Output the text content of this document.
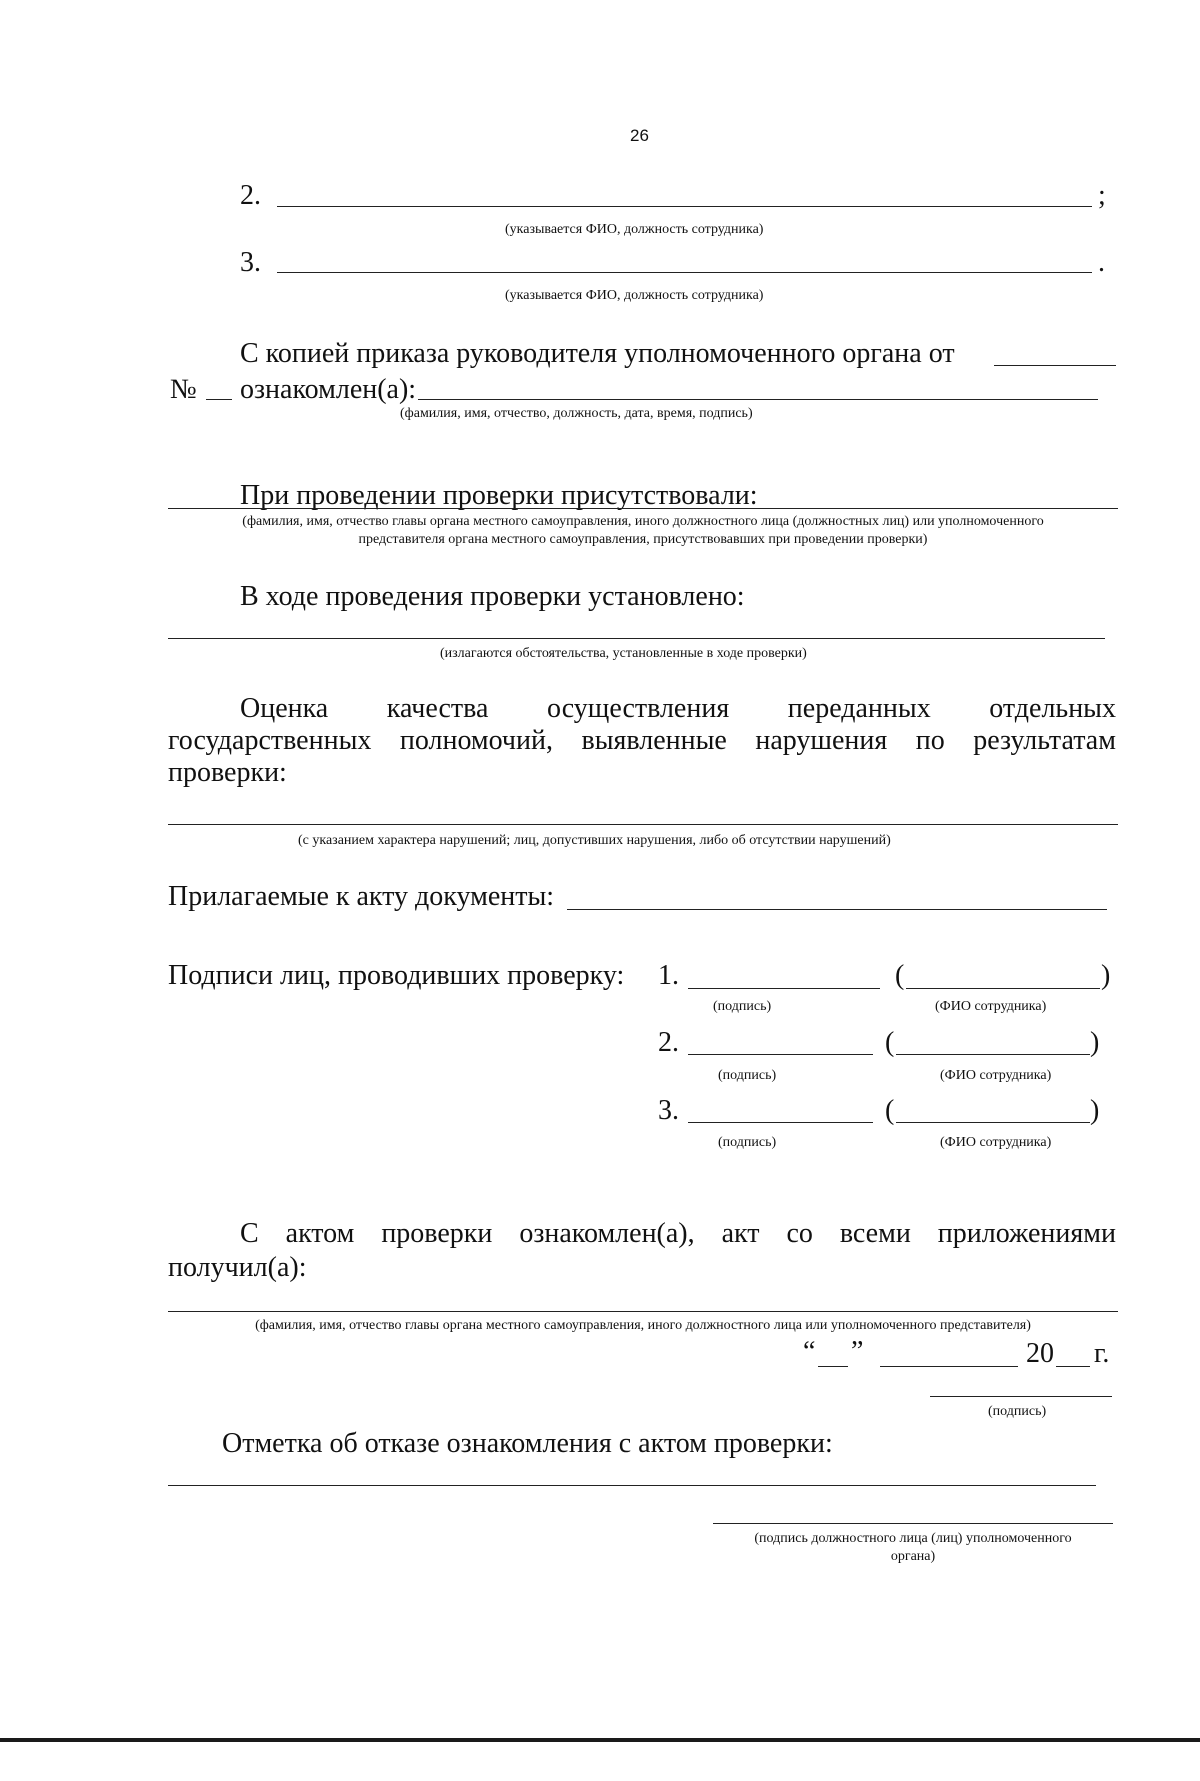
26
2.	;
(указывается ФИО, должность сотрудника)
3.	.
(указывается ФИО, должность сотрудника)
С копией приказа руководителя уполномоченного органа от
№ ознакомлен(а):
(фамилия, имя, отчество, должность, дата, время, подпись)
При проведении проверки присутствовали:
(фамилия, имя, отчество главы органа местного самоуправления, иного должностного лица (должностных лиц) или уполномоченного
представителя органа местного самоуправления, присутствовавших при проведении проверки)
В ходе проведения проверки установлено:
(излагаются обстоятельства, установленные в ходе проверки)
Оценка качества осуществления переданных отдельных
государственных полномочий, выявленные нарушения по результатам
проверки:
(с указанием характера нарушений; лиц, допустивших нарушения, либо об отсутствии нарушений)
Прилагаемые к акту документы:
Подписи лиц, проводивших проверку: 1.	(	)
(подпись)	(ФИО сотрудника)
2.	(	)
(подпись)	(ФИО сотрудника)
3.	(	)
(подпись)	(ФИО сотрудника)
С актом проверки ознакомлен(а), акт со всеми приложениями
получил(а):
(фамилия, имя, отчество главы органа местного самоуправления, иного должностного лица или уполномоченного представителя)
“ ”	20 г.
(подпись)
Отметка об отказе ознакомления с актом проверки:
(подпись должностного лица (лиц) уполномоченного
органа)
